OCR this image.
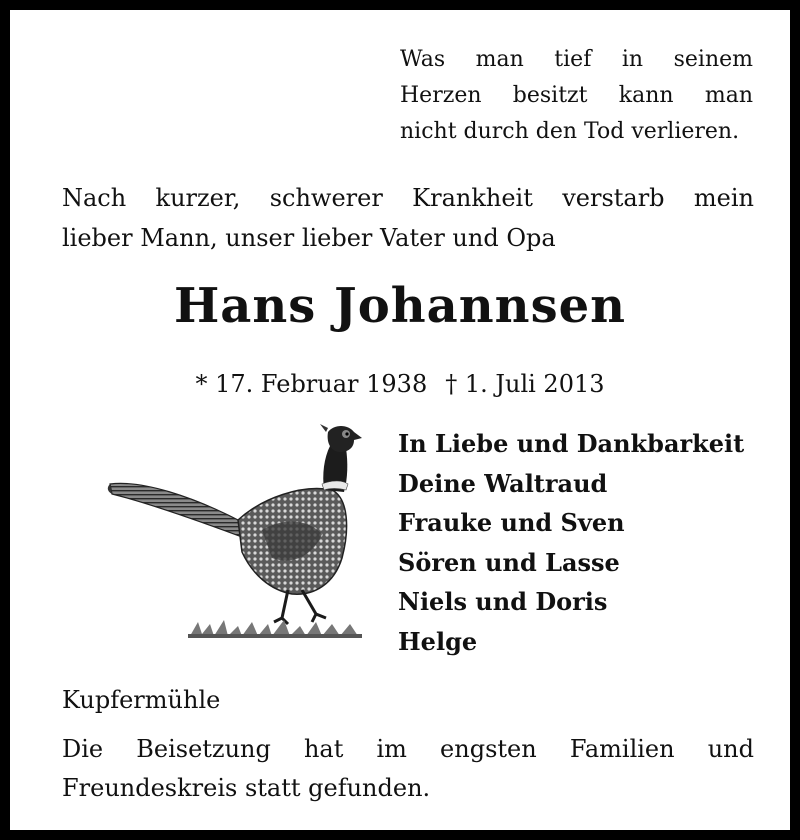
Was man tief in seinem
Herzen besitzt kann man
nicht durch den Tod verlieren.
Nach kurzer, schwerer Krankheit verstarb mein
lieber Mann, unser lieber Vater und Opa
Hans Johannsen
* 17. Februar 1938 † 1. Juli 2013
In Liebe und Dankbarkeit
Deine Waltraud
Frauke und Sven
Sören und Lasse
Niels und Doris
Helge
Kupfermühle
Die Beisetzung hat im engsten Familien und
Freundeskreis statt gefunden.
